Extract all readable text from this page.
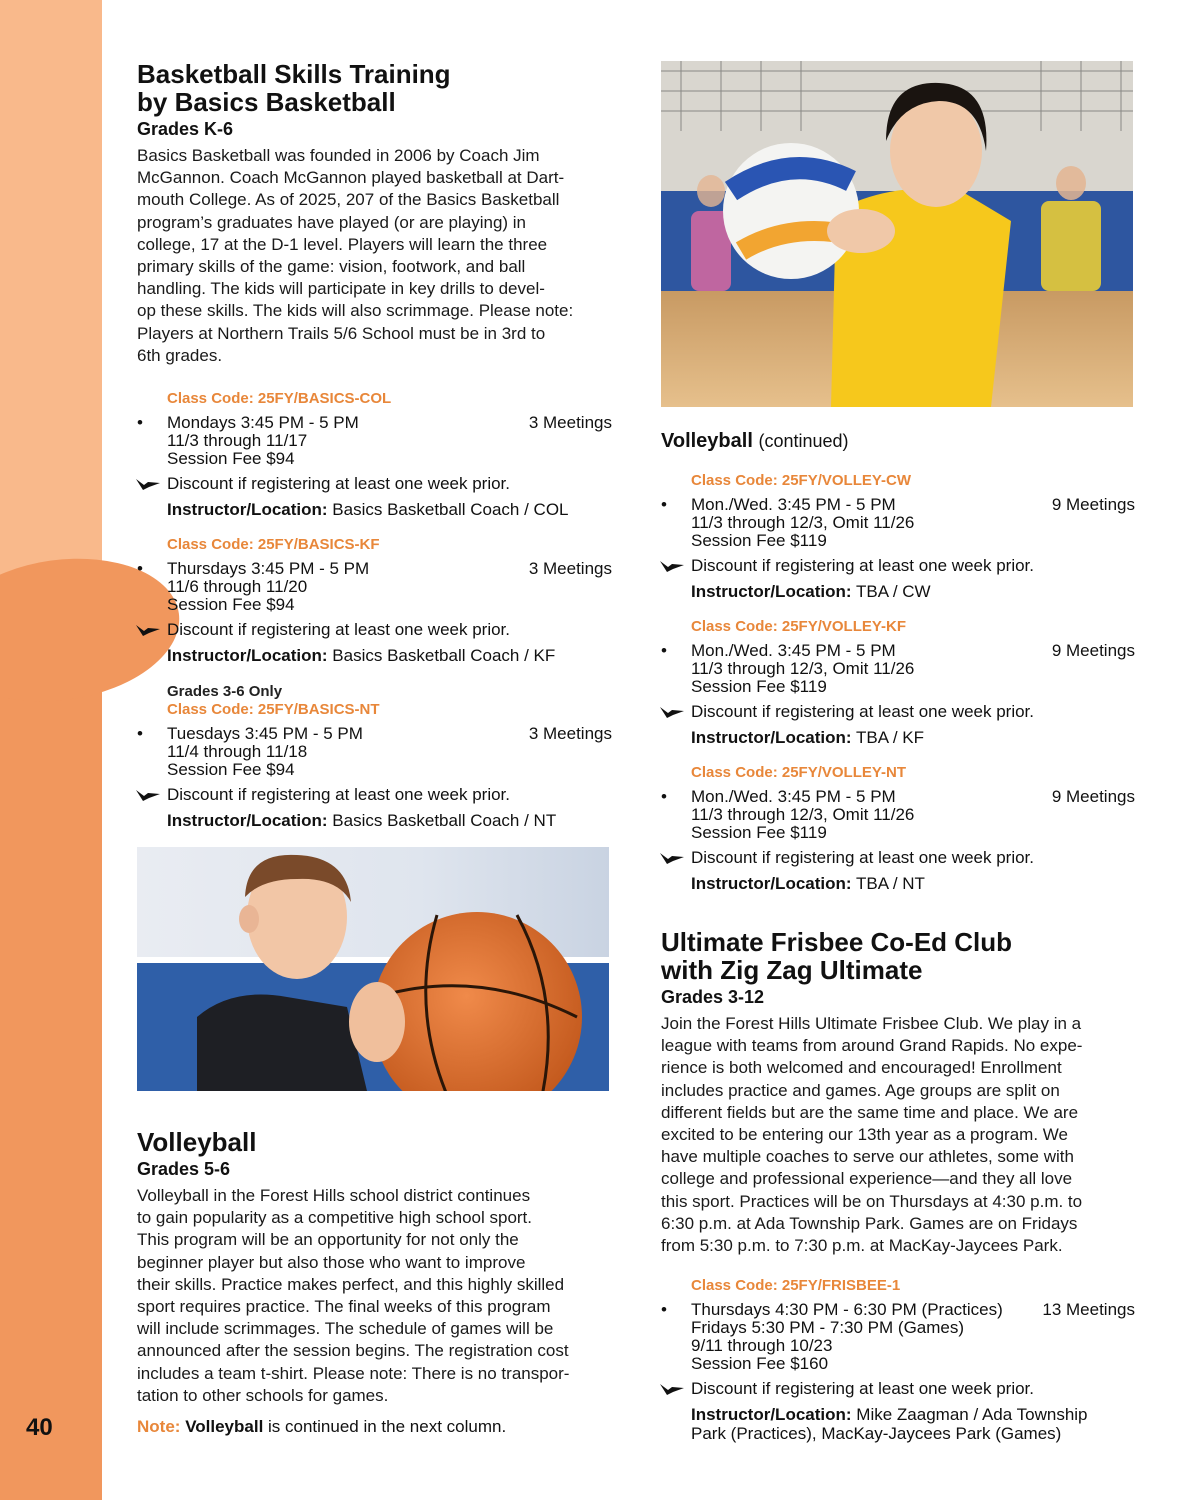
40
Basketball Skills Training
by Basics Basketball
Grades K-6
Basics Basketball was founded in 2006 by Coach Jim
McGannon. Coach McGannon played basketball at Dart-
mouth College. As of 2025, 207 of the Basics Basketball
program’s graduates have played (or are playing) in
college, 17 at the D-1 level. Players will learn the three
primary skills of the game: vision, footwork, and ball
handling. The kids will participate in key drills to devel-
op these skills. The kids will also scrimmage. Please note:
Players at Northern Trails 5/6 School must be in 3rd to
6th grades.
Class Code: 25FY/BASICS-COL
• Mondays 3:45 PM - 5 PM	3 Meetings
11/3 through 11/17
Session Fee $94
Discount if registering at least one week prior.
Instructor/Location: Basics Basketball Coach / COL
Class Code: 25FY/BASICS-KF
• Thursdays 3:45 PM - 5 PM	3 Meetings
11/6 through 11/20
Session Fee $94
Discount if registering at least one week prior.
Instructor/Location: Basics Basketball Coach / KF
Grades 3-6 Only
Class Code: 25FY/BASICS-NT
• Tuesdays 3:45 PM - 5 PM	3 Meetings
11/4 through 11/18
Session Fee $94
Discount if registering at least one week prior.
Instructor/Location: Basics Basketball Coach / NT
Volleyball
Grades 5-6
Volleyball in the Forest Hills school district continues
to gain popularity as a competitive high school sport.
This program will be an opportunity for not only the
beginner player but also those who want to improve
their skills. Practice makes perfect, and this highly skilled
sport requires practice. The final weeks of this program
will include scrimmages. The schedule of games will be
announced after the session begins. The registration cost
includes a team t-shirt. Please note: There is no transpor-
tation to other schools for games.
Note: Volleyball is continued in the next column.
Volleyball (continued)
Class Code: 25FY/VOLLEY-CW
• Mon./Wed. 3:45 PM - 5 PM	9 Meetings
11/3 through 12/3, Omit 11/26
Session Fee $119
Discount if registering at least one week prior.
Instructor/Location: TBA / CW
Class Code: 25FY/VOLLEY-KF
• Mon./Wed. 3:45 PM - 5 PM	9 Meetings
11/3 through 12/3, Omit 11/26
Session Fee $119
Discount if registering at least one week prior.
Instructor/Location: TBA / KF
Class Code: 25FY/VOLLEY-NT
• Mon./Wed. 3:45 PM - 5 PM	9 Meetings
11/3 through 12/3, Omit 11/26
Session Fee $119
Discount if registering at least one week prior.
Instructor/Location: TBA / NT
Ultimate Frisbee Co-Ed Club
with Zig Zag Ultimate
Grades 3-12
Join the Forest Hills Ultimate Frisbee Club. We play in a
league with teams from around Grand Rapids. No expe-
rience is both welcomed and encouraged! Enrollment
includes practice and games. Age groups are split on
different fields but are the same time and place. We are
excited to be entering our 13th year as a program. We
have multiple coaches to serve our athletes, some with
college and professional experience—and they all love
this sport. Practices will be on Thursdays at 4:30 p.m. to
6:30 p.m. at Ada Township Park. Games are on Fridays
from 5:30 p.m. to 7:30 p.m. at MacKay-Jaycees Park.
Class Code: 25FY/FRISBEE-1
• Thursdays 4:30 PM - 6:30 PM (Practices) 13 Meetings
Fridays 5:30 PM - 7:30 PM (Games)
9/11 through 10/23
Session Fee $160
Discount if registering at least one week prior.
Instructor/Location: Mike Zaagman / Ada Township
Park (Practices), MacKay-Jaycees Park (Games)
